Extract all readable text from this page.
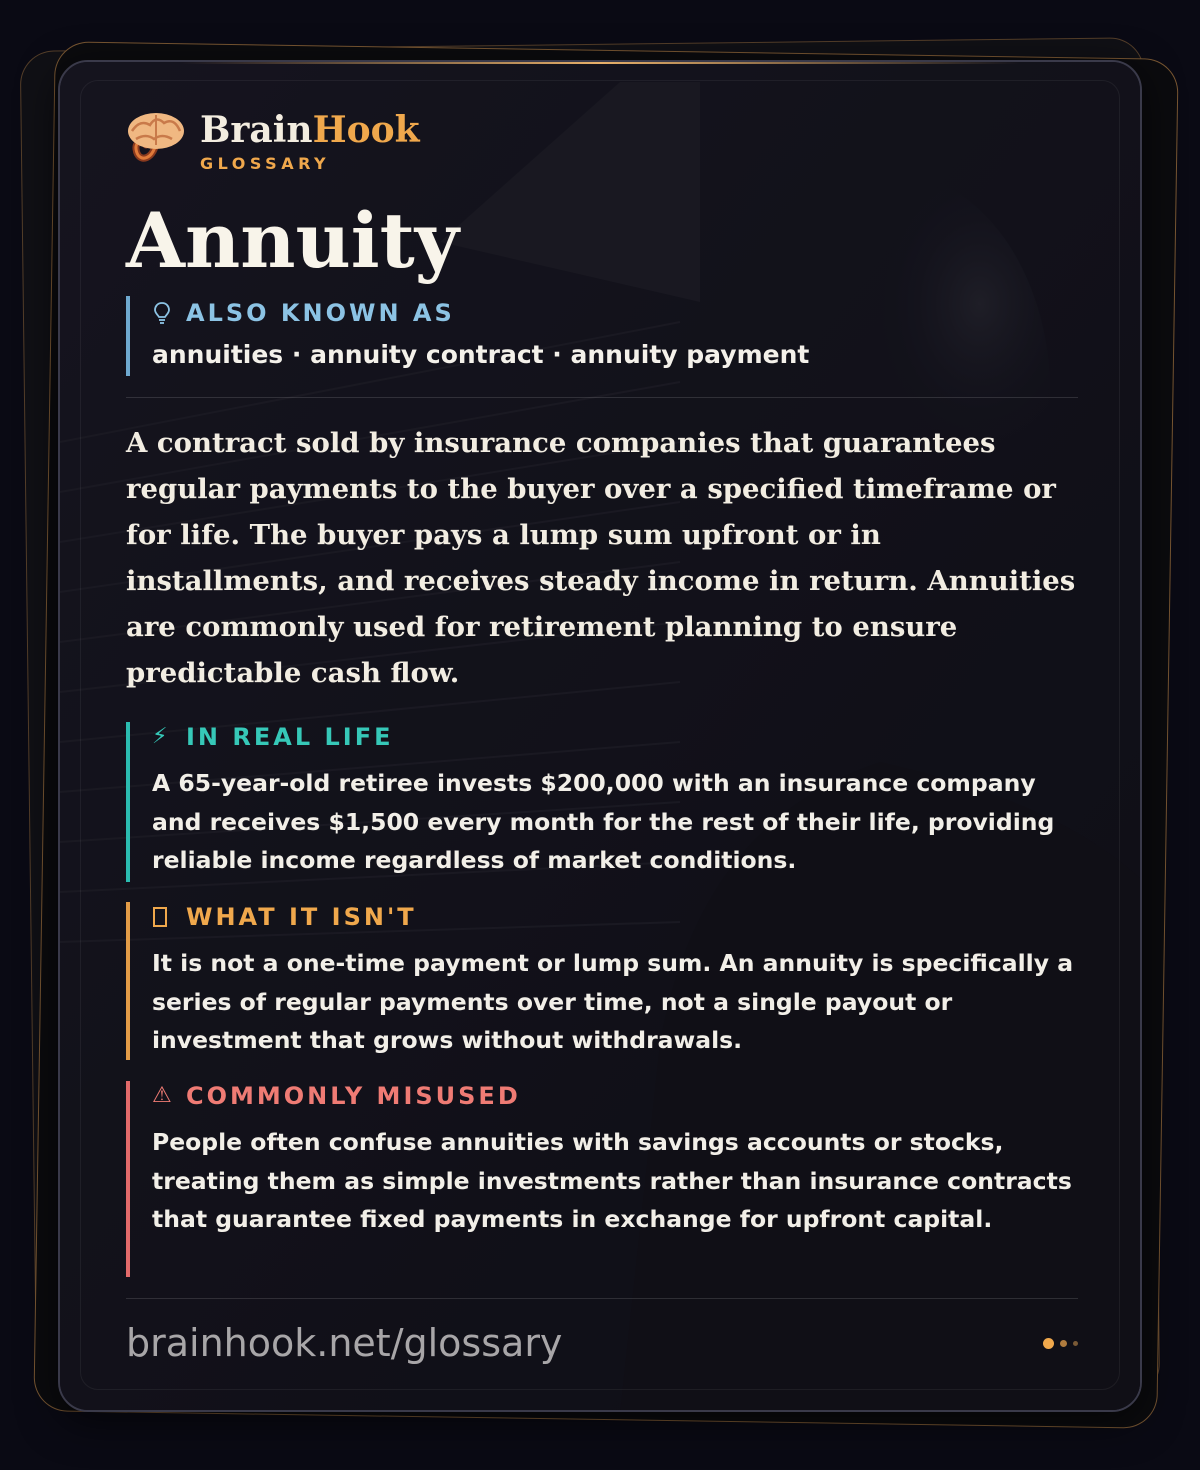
BrainHook
GLOSSARY
Annuity
ALSO KNOWN AS
annuities · annuity contract · annuity payment
A contract sold by insurance companies that guarantees regular payments to the buyer over a specified timeframe or for life. The buyer pays a lump sum upfront or in installments, and receives steady income in return. Annuities are commonly used for retirement planning to ensure predictable cash flow.
⚡ IN REAL LIFE
A 65-year-old retiree invests $200,000 with an insurance company and receives $1,500 every month for the rest of their life, providing reliable income regardless of market conditions.
WHAT IT ISN'T
It is not a one-time payment or lump sum. An annuity is specifically a series of regular payments over time, not a single payout or investment that grows without withdrawals.
⚠ COMMONLY MISUSED
People often confuse annuities with savings accounts or stocks, treating them as simple investments rather than insurance contracts that guarantee fixed payments in exchange for upfront capital.
brainhook.net/glossary
